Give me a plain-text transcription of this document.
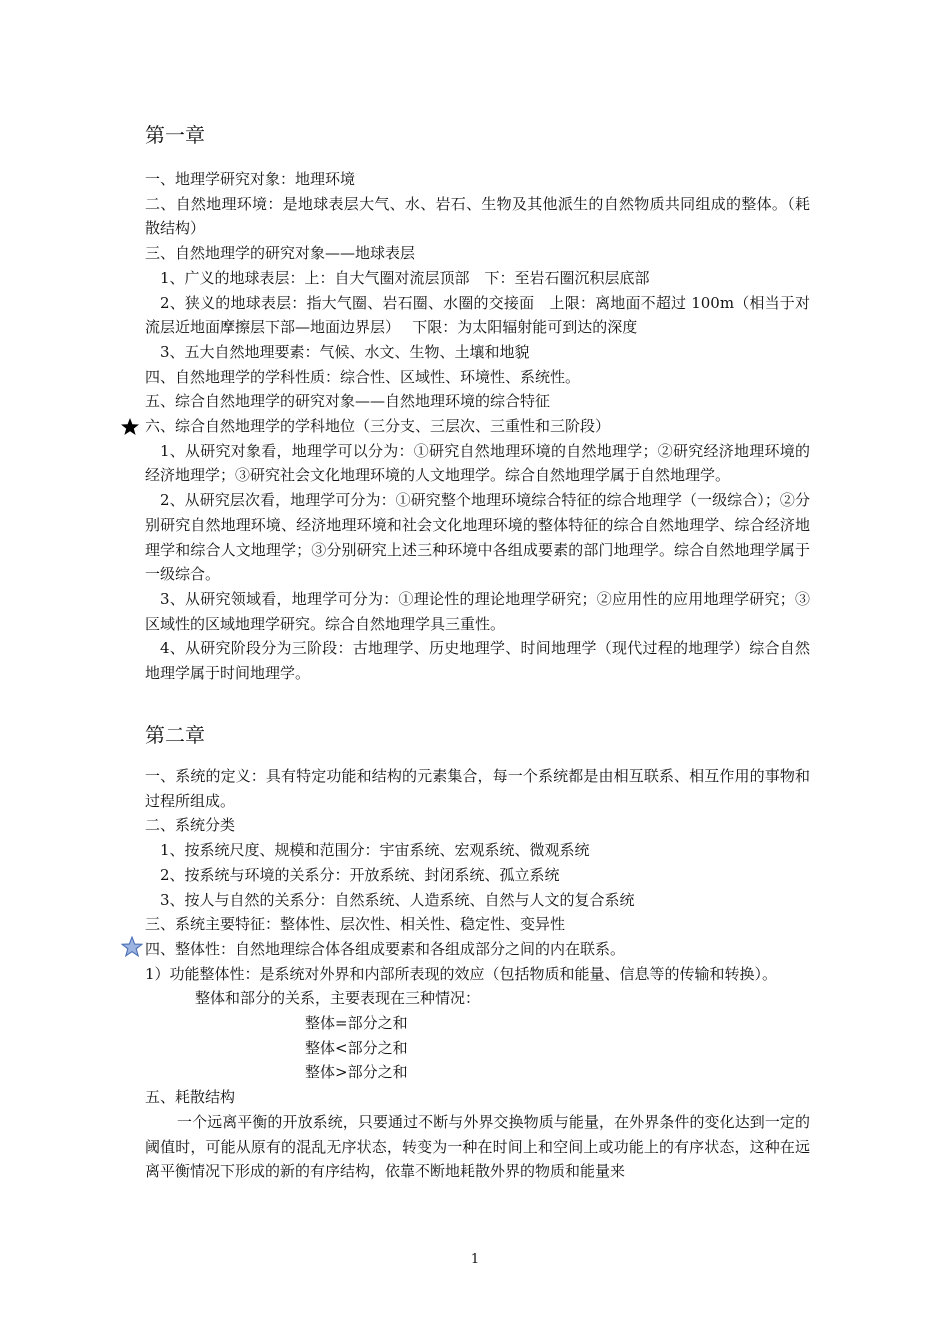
第一章

一、地理学研究对象：地理环境

二、自然地理环境：是地球表层大气、水、岩石、生物及其他派生的自然物质共同组成的整体。（耗散结构）

三、自然地理学的研究对象——地球表层

1、广义的地球表层：上：自大气圈对流层顶部　下：至岩石圈沉积层底部

2、狭义的地球表层：指大气圈、岩石圈、水圈的交接面　上限：离地面不超过 100m（相当于对流层近地面摩擦层下部—地面边界层）　 下限：为太阳辐射能可到达的深度

3、五大自然地理要素：气候、水文、生物、土壤和地貌

四、自然地理学的学科性质：综合性、区域性、环境性、系统性。

五、综合自然地理学的研究对象——自然地理环境的综合特征

六、综合自然地理学的学科地位（三分支、三层次、三重性和三阶段）

1、从研究对象看，地理学可以分为：①研究自然地理环境的自然地理学；②研究经济地理环境的经济地理学；③研究社会文化地理环境的人文地理学。综合自然地理学属于自然地理学。

2、从研究层次看，地理学可分为：①研究整个地理环境综合特征的综合地理学（一级综合）；②分别研究自然地理环境、经济地理环境和社会文化地理环境的整体特征的综合自然地理学、综合经济地理学和综合人文地理学；③分别研究上述三种环境中各组成要素的部门地理学。综合自然地理学属于一级综合。

3、从研究领域看，地理学可分为：①理论性的理论地理学研究；②应用性的应用地理学研究；③区域性的区域地理学研究。综合自然地理学具三重性。

4、从研究阶段分为三阶段：古地理学、历史地理学、时间地理学（现代过程的地理学）综合自然地理学属于时间地理学。

第二章

一、系统的定义：具有特定功能和结构的元素集合，每一个系统都是由相互联系、相互作用的事物和过程所组成。

二、系统分类

1、按系统尺度、规模和范围分：宇宙系统、宏观系统、微观系统

2、按系统与环境的关系分：开放系统、封闭系统、孤立系统

3、按人与自然的关系分：自然系统、人造系统、自然与人文的复合系统

三、系统主要特征：整体性、层次性、相关性、稳定性、变异性

四、整体性：自然地理综合体各组成要素和各组成部分之间的内在联系。

1）功能整体性：是系统对外界和内部所表现的效应（包括物质和能量、信息等的传输和转换）。

整体和部分的关系，主要表现在三种情况：

整体=部分之和

整体<部分之和

整体>部分之和

五、耗散结构

一个远离平衡的开放系统，只要通过不断与外界交换物质与能量，在外界条件的变化达到一定的阈值时，可能从原有的混乱无序状态，转变为一种在时间上和空间上或功能上的有序状态，这种在远离平衡情况下形成的新的有序结构，依靠不断地耗散外界的物质和能量来

1
